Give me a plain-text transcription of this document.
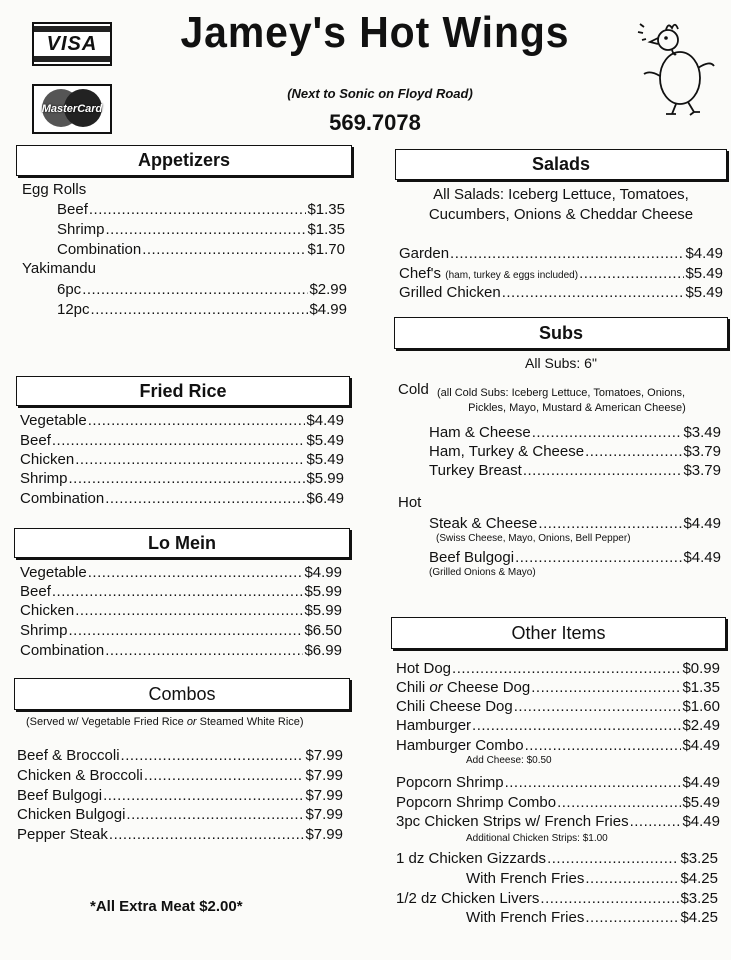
VISA
MasterCard
Jamey's Hot Wings
(Next to Sonic on Floyd Road)
569.7078
Appetizers
Egg Rolls
Beef .....	$1.35
Shrimp .....	$1.35
Combination .....	$1.70
Yakimandu
6pc .....	$2.99
12pc .....	$4.99
Fried Rice
Vegetable .....	$4.49
Beef .....	$5.49
Chicken .....	$5.49
Shrimp .....	$5.99
Combination .....	$6.49
Lo Mein
Vegetable .....	$4.99
Beef .....	$5.99
Chicken .....	$5.99
Shrimp .....	$6.50
Combination .....	$6.99
Combos
(Served w/ Vegetable Fried Rice or Steamed White Rice)
Beef & Broccoli .....	$7.99
Chicken & Broccoli .....	$7.99
Beef Bulgogi .....	$7.99
Chicken Bulgogi .....	$7.99
Pepper Steak .....	$7.99
*All Extra Meat $2.00*
Salads
All Salads: Iceberg Lettuce, Tomatoes,
Cucumbers, Onions & Cheddar Cheese
Garden .....	$4.49
Chef's (ham, turkey & eggs included) .....	$5.49
Grilled Chicken .....	$5.49
Subs
All Subs: 6"
Cold (all Cold Subs: Iceberg Lettuce, Tomatoes, Onions,
Pickles, Mayo, Mustard & American Cheese)
Ham & Cheese .....	$3.49
Ham, Turkey & Cheese .....	$3.79
Turkey Breast .....	$3.79
Hot
Steak & Cheese .....	$4.49
(Swiss Cheese, Mayo, Onions, Bell Pepper)
Beef Bulgogi .....	$4.49
(Grilled Onions & Mayo)
Other Items
Hot Dog .....	$0.99
Chili or Cheese Dog .....	$1.35
Chili Cheese Dog .....	$1.60
Hamburger .....	$2.49
Hamburger Combo .....	$4.49
Add Cheese: $0.50
Popcorn Shrimp .....	$4.49
Popcorn Shrimp Combo .....	$5.49
3pc Chicken Strips w/ French Fries .....	$4.49
Additional Chicken Strips: $1.00
1 dz Chicken Gizzards .....	$3.25
With French Fries .....	$4.25
1/2 dz Chicken Livers .....	$3.25
With French Fries .....	$4.25
